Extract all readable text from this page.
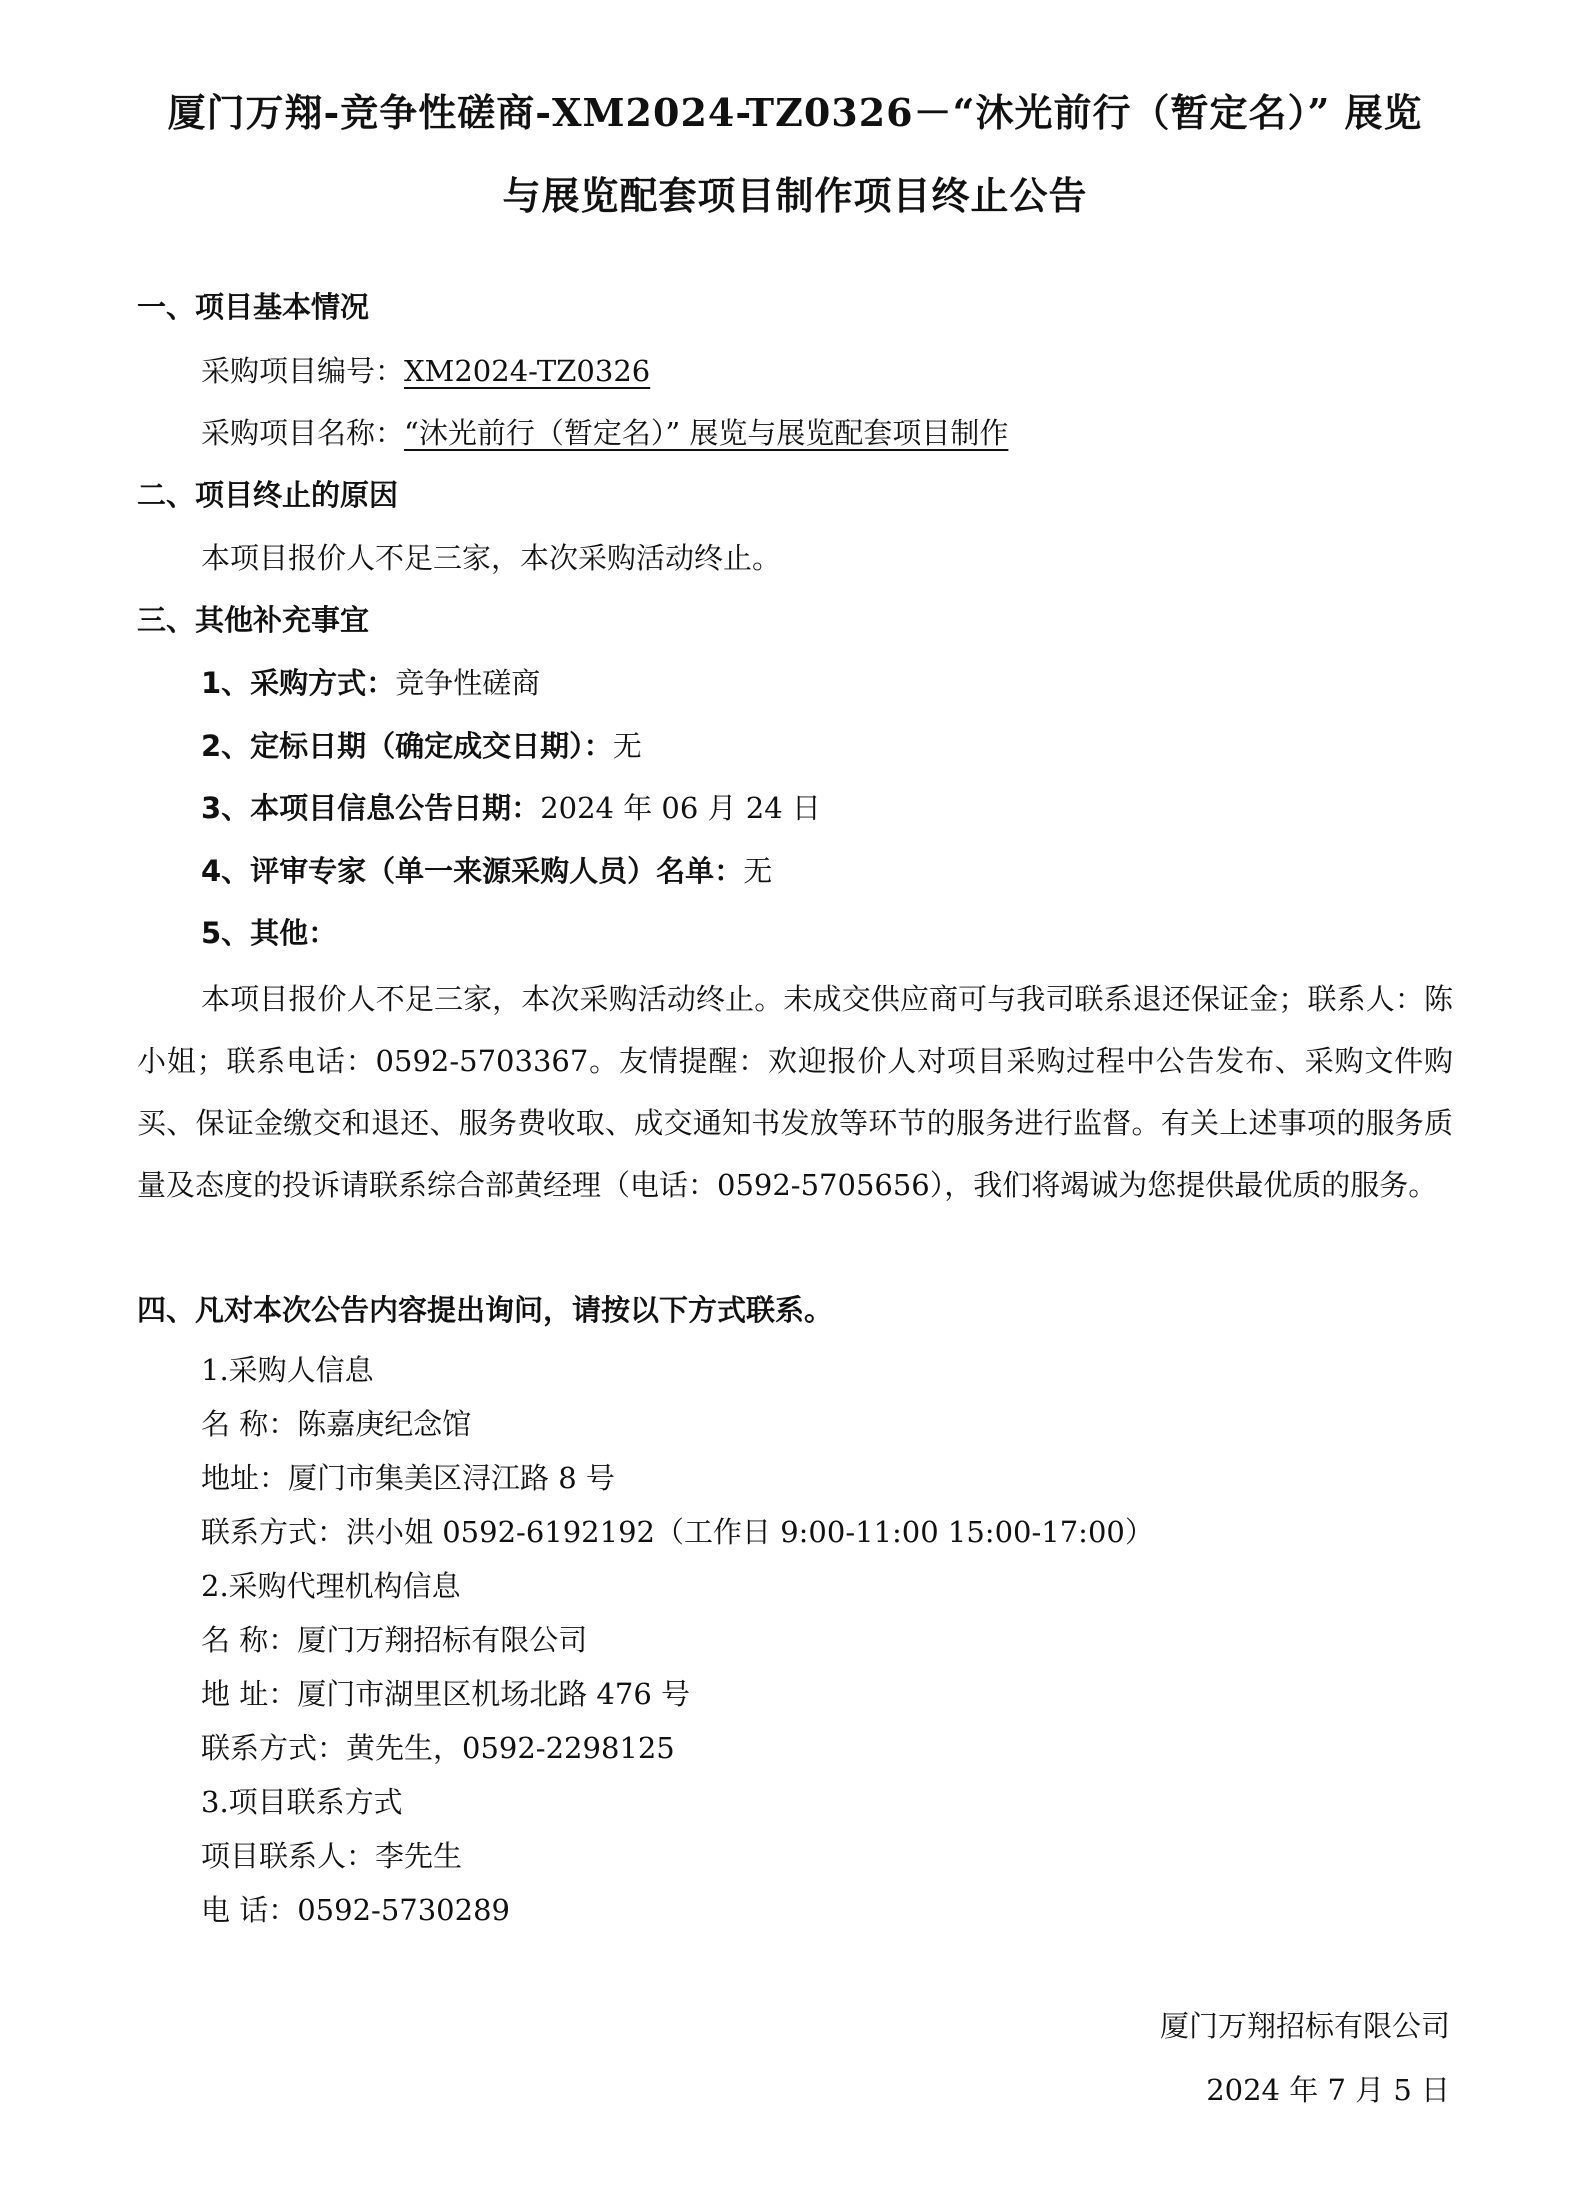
厦门万翔-竞争性磋商-XM2024-TZ0326－“沐光前行（暂定名）” 展览
与展览配套项目制作项目终止公告
一、项目基本情况
采购项目编号：XM2024-TZ0326
采购项目名称：“沐光前行（暂定名）” 展览与展览配套项目制作
二、项目终止的原因
本项目报价人不足三家，本次采购活动终止。
三、其他补充事宜
1、采购方式：竞争性磋商
2、定标日期（确定成交日期）：无
3、本项目信息公告日期：2024 年 06 月 24 日
4、评审专家（单一来源采购人员）名单：无
5、其他：
本项目报价人不足三家，本次采购活动终止。未成交供应商可与我司联系退还保证金；联系人：陈小姐；联系电话：0592-5703367。友情提醒：欢迎报价人对项目采购过程中公告发布、采购文件购买、保证金缴交和退还、服务费收取、成交通知书发放等环节的服务进行监督。有关上述事项的服务质量及态度的投诉请联系综合部黄经理（电话：0592-5705656），我们将竭诚为您提供最优质的服务。
四、凡对本次公告内容提出询问，请按以下方式联系。
1.采购人信息
名 称：陈嘉庚纪念馆
地址：厦门市集美区浔江路 8 号
联系方式：洪小姐 0592-6192192（工作日 9:00-11:00 15:00-17:00）
2.采购代理机构信息
名 称：厦门万翔招标有限公司
地 址：厦门市湖里区机场北路 476 号
联系方式：黄先生，0592-2298125
3.项目联系方式
项目联系人：李先生
电 话：0592-5730289
厦门万翔招标有限公司
2024 年 7 月 5 日
